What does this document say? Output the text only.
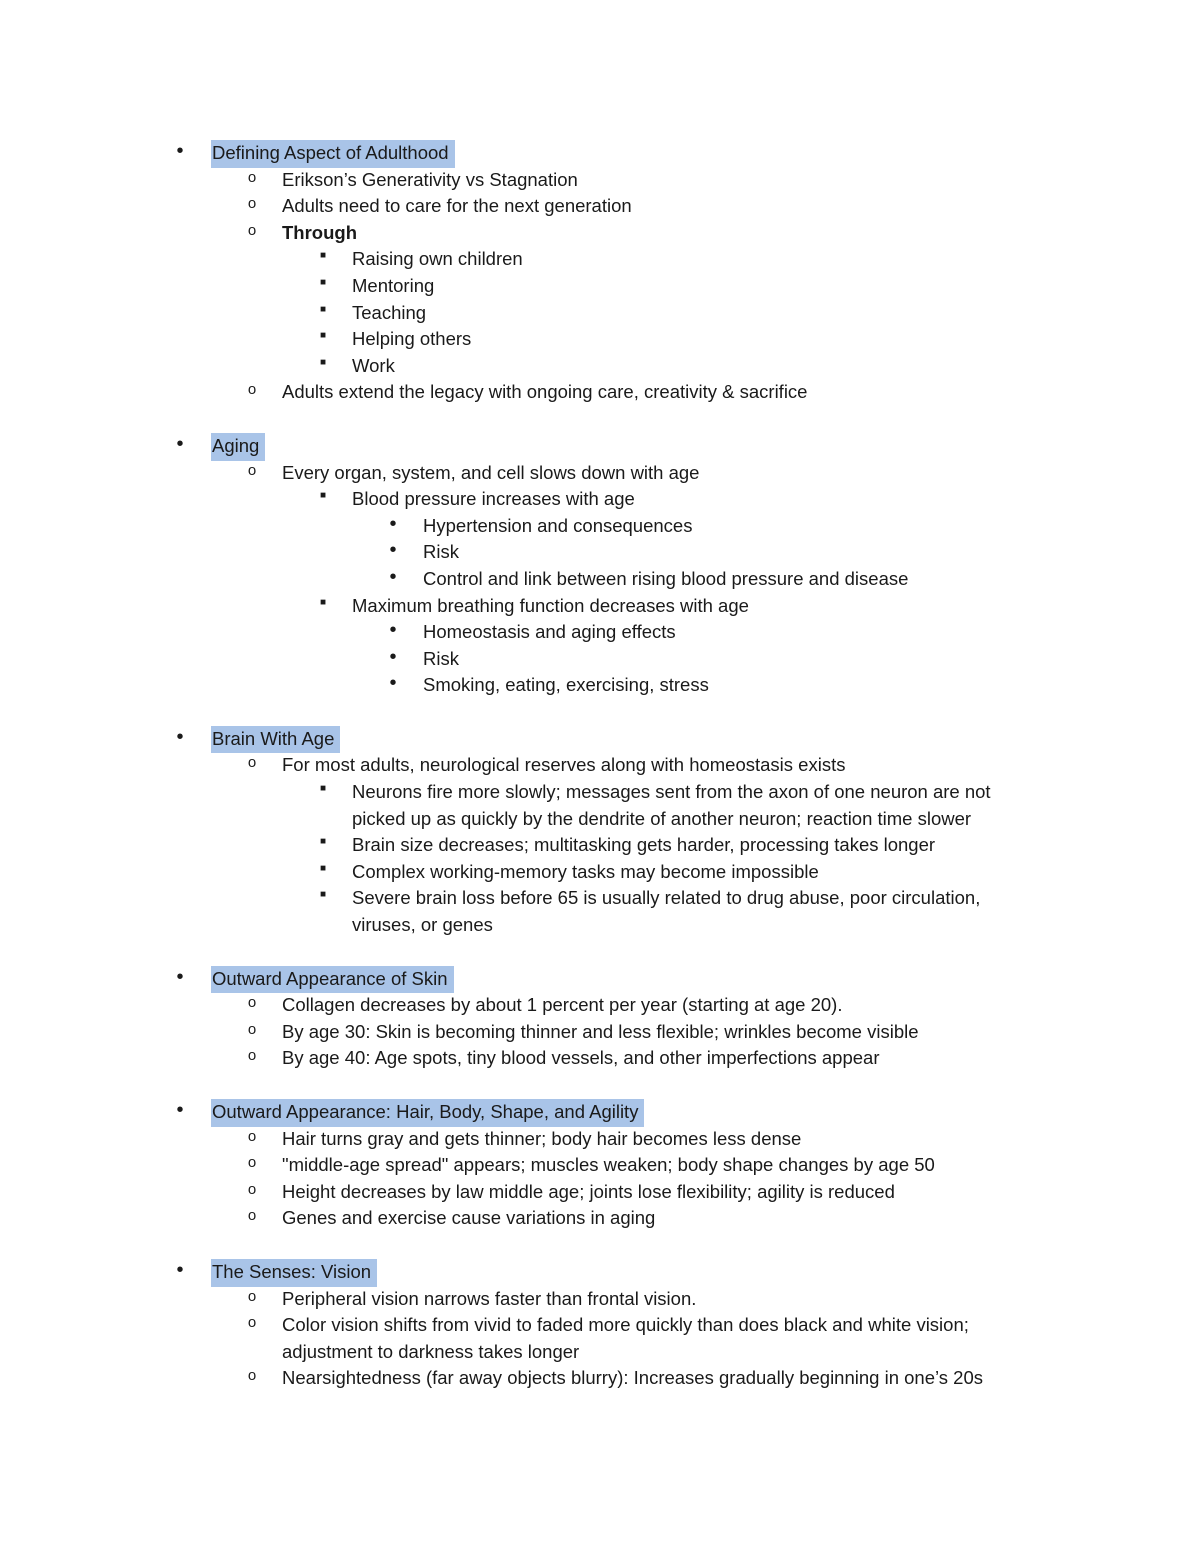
• Defining Aspect of Adulthood
o Erikson’s Generativity vs Stagnation
o Adults need to care for the next generation
o Through
■ Raising own children
■ Mentoring
■ Teaching
■ Helping others
■ Work
o Adults extend the legacy with ongoing care, creativity & sacrifice
• Aging
o Every organ, system, and cell slows down with age
■ Blood pressure increases with age
• Hypertension and consequences
• Risk
• Control and link between rising blood pressure and disease
■ Maximum breathing function decreases with age
• Homeostasis and aging effects
• Risk
• Smoking, eating, exercising, stress
• Brain With Age
o For most adults, neurological reserves along with homeostasis exists
■ Neurons fire more slowly; messages sent from the axon of one neuron are not
picked up as quickly by the dendrite of another neuron; reaction time slower
■ Brain size decreases; multitasking gets harder, processing takes longer
■ Complex working-memory tasks may become impossible
■ Severe brain loss before 65 is usually related to drug abuse, poor circulation,
viruses, or genes
• Outward Appearance of Skin
o Collagen decreases by about 1 percent per year (starting at age 20).
o By age 30: Skin is becoming thinner and less flexible; wrinkles become visible
o By age 40: Age spots, tiny blood vessels, and other imperfections appear
• Outward Appearance: Hair, Body, Shape, and Agility
o Hair turns gray and gets thinner; body hair becomes less dense
o "middle-age spread" appears; muscles weaken; body shape changes by age 50
o Height decreases by law middle age; joints lose flexibility; agility is reduced
o Genes and exercise cause variations in aging
• The Senses: Vision
o Peripheral vision narrows faster than frontal vision.
o Color vision shifts from vivid to faded more quickly than does black and white vision;
adjustment to darkness takes longer
o Nearsightedness (far away objects blurry): Increases gradually beginning in one’s 20s
